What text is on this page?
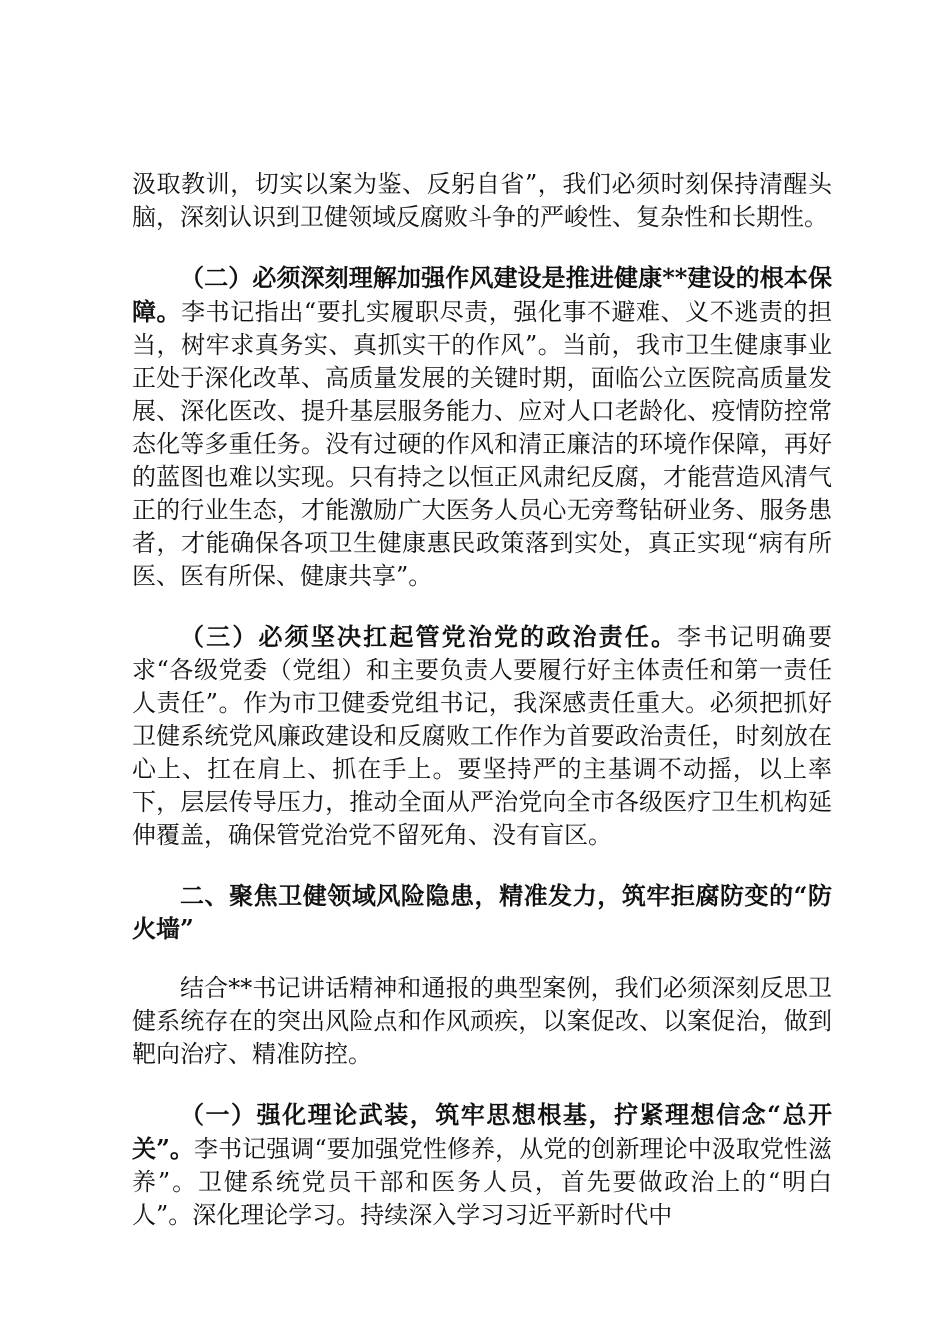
汲取教训，切实以案为鉴、反躬自省”，我们必须时刻保持清醒头脑，深刻认识到卫健领域反腐败斗争的严峻性、复杂性和长期性。

（二）必须深刻理解加强作风建设是推进健康**建设的根本保障。李书记指出“要扎实履职尽责，强化事不避难、义不逃责的担当，树牢求真务实、真抓实干的作风”。当前，我市卫生健康事业正处于深化改革、高质量发展的关键时期，面临公立医院高质量发展、深化医改、提升基层服务能力、应对人口老龄化、疫情防控常态化等多重任务。没有过硬的作风和清正廉洁的环境作保障，再好的蓝图也难以实现。只有持之以恒正风肃纪反腐，才能营造风清气正的行业生态，才能激励广大医务人员心无旁骛钻研业务、服务患者，才能确保各项卫生健康惠民政策落到实处，真正实现“病有所医、医有所保、健康共享”。

（三）必须坚决扛起管党治党的政治责任。李书记明确要求“各级党委（党组）和主要负责人要履行好主体责任和第一责任人责任”。作为市卫健委党组书记，我深感责任重大。必须把抓好卫健系统党风廉政建设和反腐败工作作为首要政治责任，时刻放在心上、扛在肩上、抓在手上。要坚持严的主基调不动摇，以上率下，层层传导压力，推动全面从严治党向全市各级医疗卫生机构延伸覆盖，确保管党治党不留死角、没有盲区。

二、聚焦卫健领域风险隐患，精准发力，筑牢拒腐防变的“防火墙”

结合**书记讲话精神和通报的典型案例，我们必须深刻反思卫健系统存在的突出风险点和作风顽疾，以案促改、以案促治，做到靶向治疗、精准防控。

（一）强化理论武装，筑牢思想根基，拧紧理想信念“总开关”。李书记强调“要加强党性修养，从党的创新理论中汲取党性滋养”。卫健系统党员干部和医务人员，首先要做政治上的“明白人”。深化理论学习。持续深入学习习近平新时代中
